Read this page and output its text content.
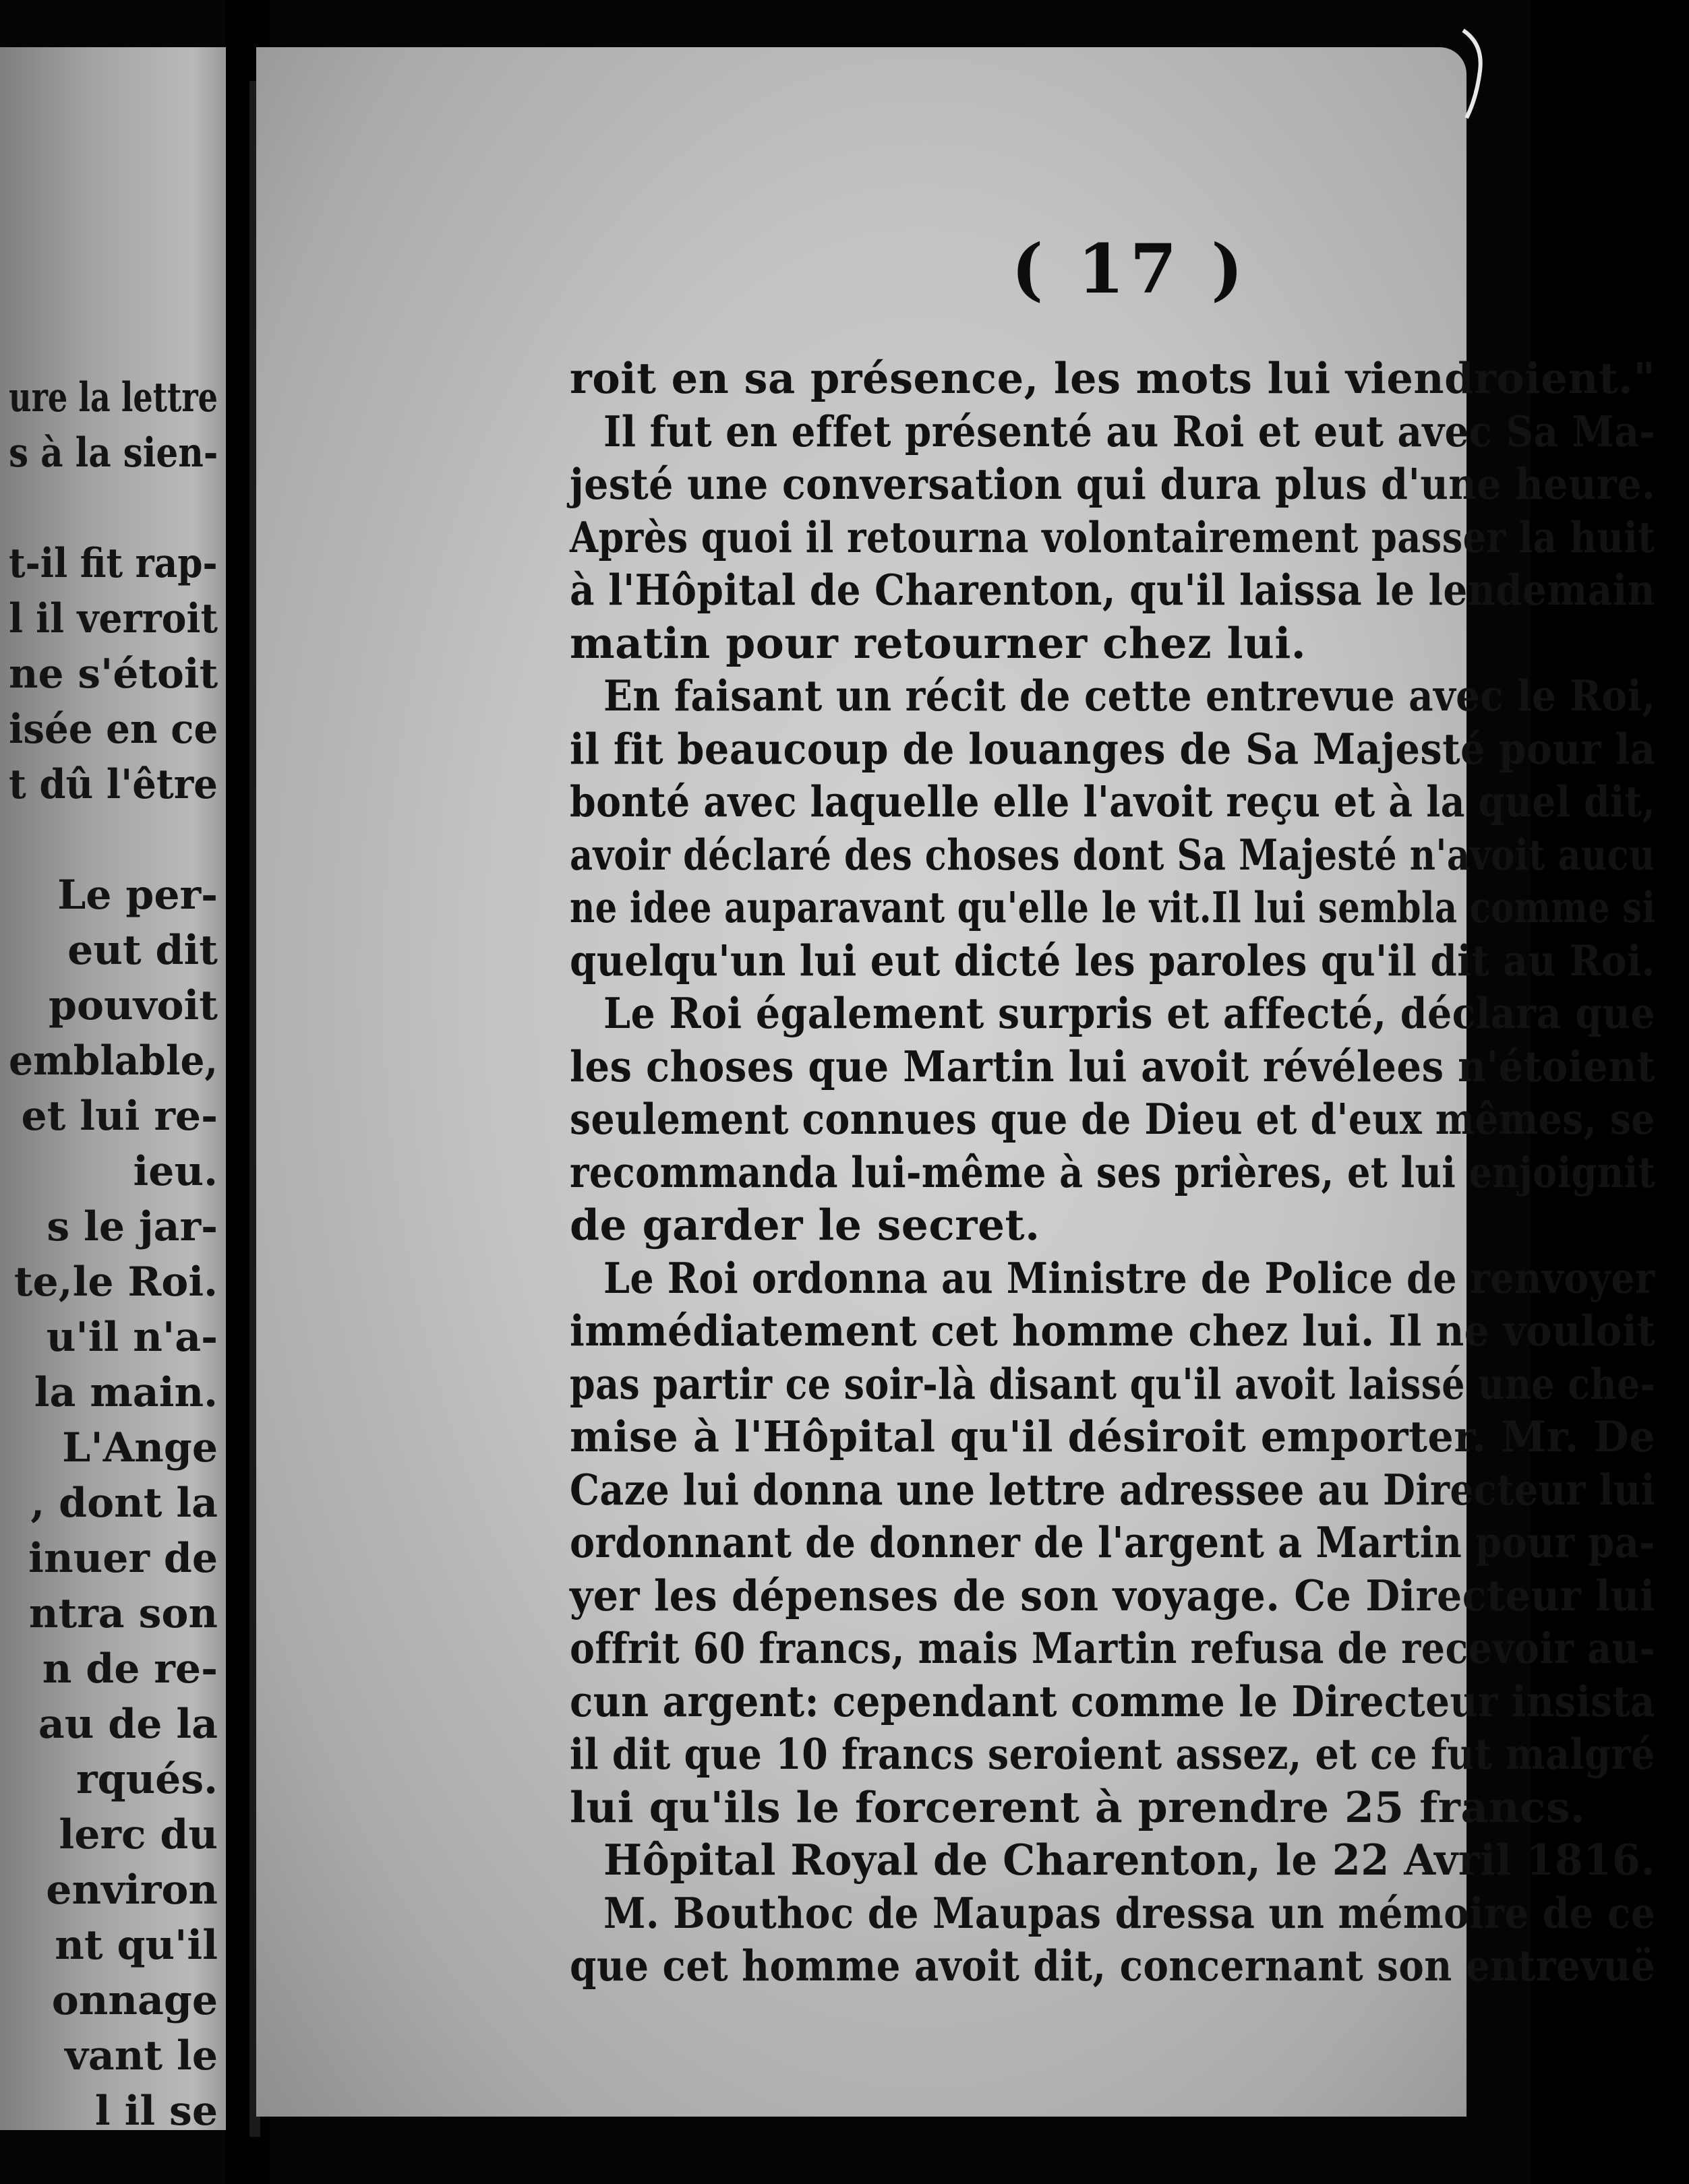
ure la lettre
s à la sien-
t-il fit rap-
l il verroit
ne s'étoit
isée en ce
t dû l'être
Le per-
eut dit
pouvoit
emblable,
et lui re-
ieu.
s le jar-
te,le Roi.
u'il n'a-
la main.
L'Ange
, dont la
inuer de
ntra son
n de re-
au de la
rqués.
lerc du
environ
nt qu'il
onnage
vant le
l il se
( 17 )
roit en sa présence, les mots lui viendroient."
Il fut en effet présenté au Roi et eut avec Sa Ma-
jesté une conversation qui dura plus d'une heure.
Après quoi il retourna volontairement passer la huit
à l'Hôpital de Charenton, qu'il laissa le lendemain
matin pour retourner chez lui.
En faisant un récit de cette entrevue avec le Roi,
il fit beaucoup de louanges de Sa Majesté pour la
bonté avec laquelle elle l'avoit reçu et à la quel dit,
avoir déclaré des choses dont Sa Majesté n'avoit aucu
ne idee auparavant qu'elle le vit.Il lui sembla comme si
quelqu'un lui eut dicté les paroles qu'il dit au Roi.
Le Roi également surpris et affecté, déclara que
les choses que Martin lui avoit révélees n'étoient
seulement connues que de Dieu et d'eux mêmes, se
recommanda lui-même à ses prières, et lui enjoignit
de garder le secret.
Le Roi ordonna au Ministre de Police de renvoyer
immédiatement cet homme chez lui. Il ne vouloit
pas partir ce soir-là disant qu'il avoit laissé une che-
mise à l'Hôpital qu'il désiroit emporter. Mr. De
Caze lui donna une lettre adressee au Directeur lui
ordonnant de donner de l'argent a Martin pour pa-
yer les dépenses de son voyage. Ce Directeur lui
offrit 60 francs, mais Martin refusa de recevoir au-
cun argent: cependant comme le Directeur insista
il dit que 10 francs seroient assez, et ce fut malgré
lui qu'ils le forcerent à prendre 25 francs.
Hôpital Royal de Charenton, le 22 Avril 1816.
M. Bouthoc de Maupas dressa un mémoire de ce
que cet homme avoit dit, concernant son entrevuë
